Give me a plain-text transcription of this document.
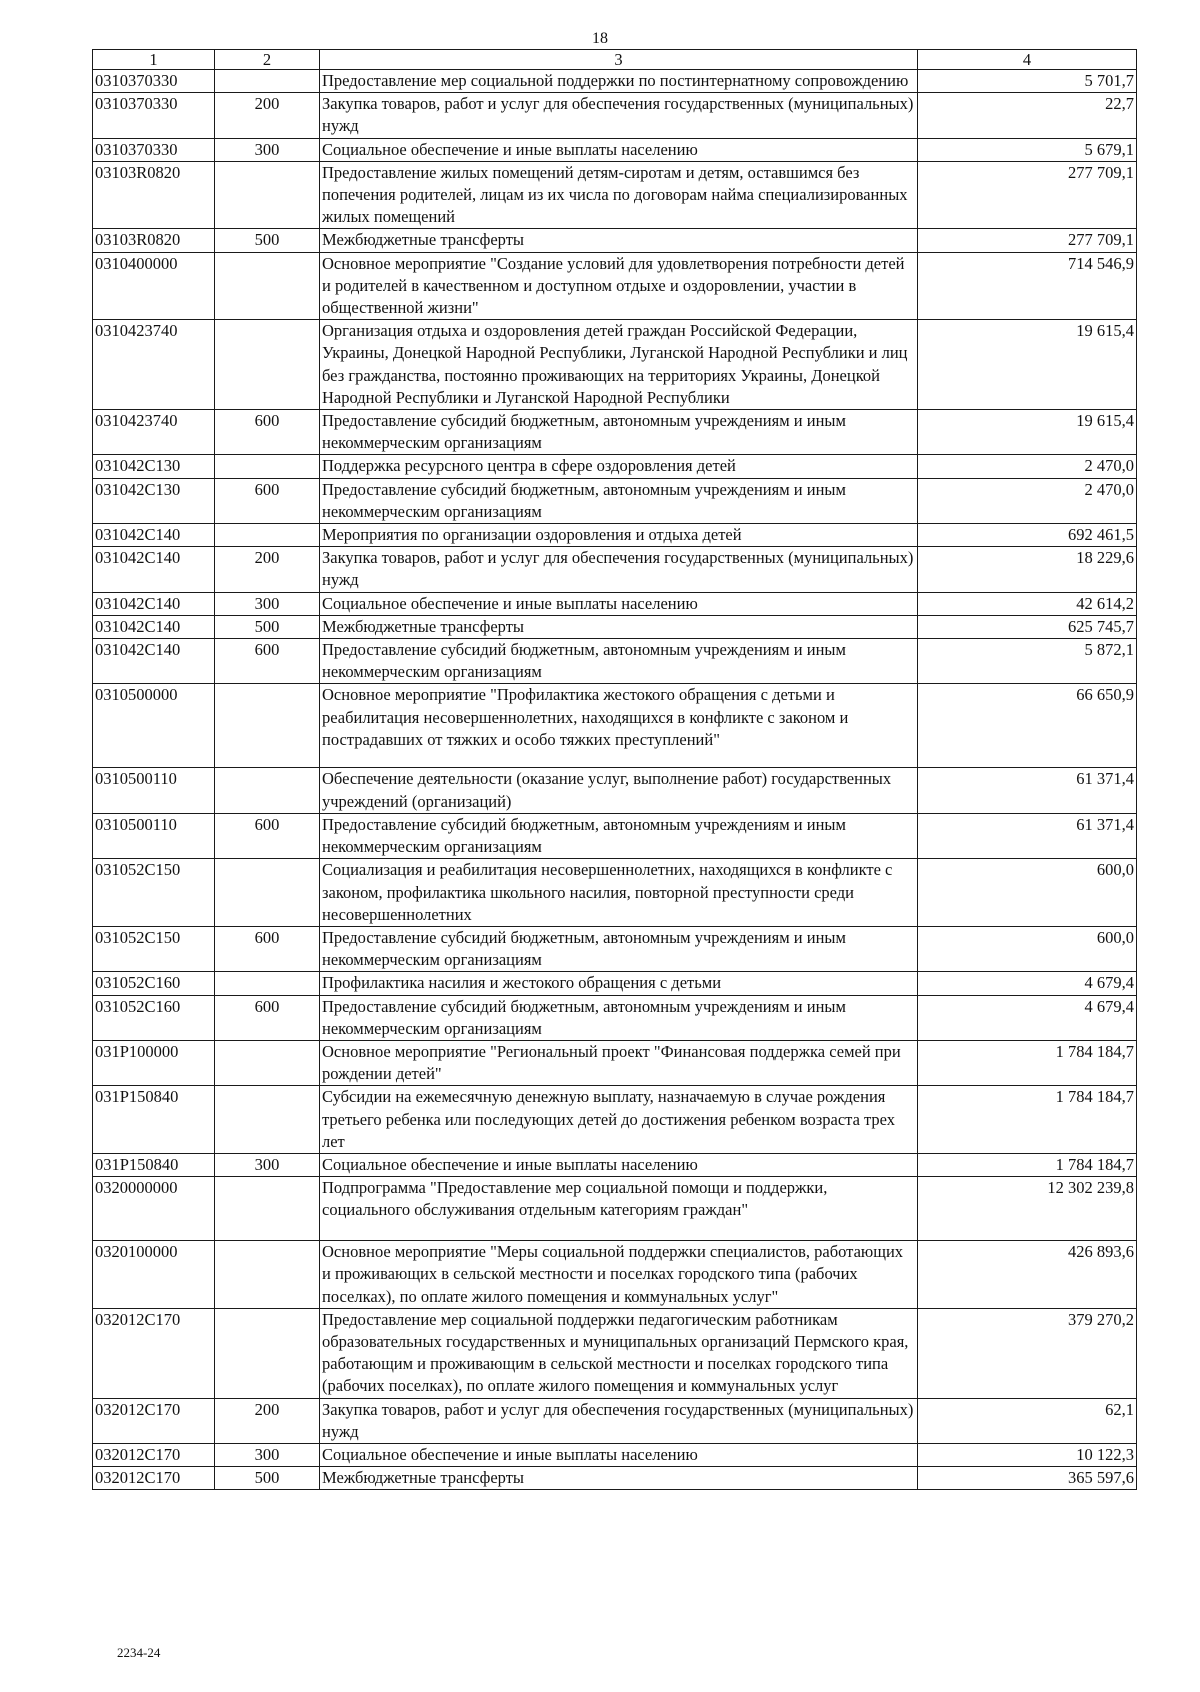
18
1	2	3	4
0310370330		Предоставление мер социальной поддержки по постинтернатному сопровождению	5 701,7
0310370330	200	Закупка товаров, работ и услуг для обеспечения государственных (муниципальных) нужд	22,7
0310370330	300	Социальное обеспечение и иные выплаты населению	5 679,1
03103R0820		Предоставление жилых помещений детям-сиротам и детям, оставшимся без попечения родителей, лицам из их числа по договорам найма специализированных жилых помещений	277 709,1
03103R0820	500	Межбюджетные трансферты	277 709,1
0310400000		Основное мероприятие "Создание условий для удовлетворения потребности детей и родителей в качественном и доступном отдыхе и оздоровлении, участии в общественной жизни"	714 546,9
0310423740		Организация отдыха и оздоровления детей граждан Российской Федерации, Украины, Донецкой Народной Республики, Луганской Народной Республики и лиц без гражданства, постоянно проживающих на территориях Украины, Донецкой Народной Республики и Луганской Народной Республики	19 615,4
0310423740	600	Предоставление субсидий бюджетным, автономным учреждениям и иным некоммерческим организациям	19 615,4
031042C130		Поддержка ресурсного центра в сфере оздоровления детей	2 470,0
031042C130	600	Предоставление субсидий бюджетным, автономным учреждениям и иным некоммерческим организациям	2 470,0
031042C140		Мероприятия по организации оздоровления и отдыха детей	692 461,5
031042C140	200	Закупка товаров, работ и услуг для обеспечения государственных (муниципальных) нужд	18 229,6
031042C140	300	Социальное обеспечение и иные выплаты населению	42 614,2
031042C140	500	Межбюджетные трансферты	625 745,7
031042C140	600	Предоставление субсидий бюджетным, автономным учреждениям и иным некоммерческим организациям	5 872,1
0310500000		Основное мероприятие "Профилактика жестокого обращения с детьми и реабилитация несовершеннолетних, находящихся в конфликте с законом и пострадавших от тяжких и особо тяжких преступлений"	66 650,9
0310500110		Обеспечение деятельности (оказание услуг, выполнение работ) государственных учреждений (организаций)	61 371,4
0310500110	600	Предоставление субсидий бюджетным, автономным учреждениям и иным некоммерческим организациям	61 371,4
031052C150		Социализация и реабилитация несовершеннолетних, находящихся в конфликте с законом, профилактика школьного насилия, повторной преступности среди несовершеннолетних	600,0
031052C150	600	Предоставление субсидий бюджетным, автономным учреждениям и иным некоммерческим организациям	600,0
031052C160		Профилактика насилия и жестокого обращения с детьми	4 679,4
031052C160	600	Предоставление субсидий бюджетным, автономным учреждениям и иным некоммерческим организациям	4 679,4
031P100000		Основное мероприятие "Региональный проект "Финансовая поддержка семей при рождении детей"	1 784 184,7
031P150840		Субсидии на ежемесячную денежную выплату, назначаемую в случае рождения третьего ребенка или последующих детей до достижения ребенком возраста трех лет	1 784 184,7
031P150840	300	Социальное обеспечение и иные выплаты населению	1 784 184,7
0320000000		Подпрограмма "Предоставление мер социальной помощи и поддержки, социального обслуживания отдельным категориям граждан"	12 302 239,8
0320100000		Основное мероприятие "Меры социальной поддержки специалистов, работающих и проживающих в сельской местности и поселках городского типа (рабочих поселках), по оплате жилого помещения и коммунальных услуг"	426 893,6
032012C170		Предоставление мер социальной поддержки педагогическим работникам образовательных государственных и муниципальных организаций Пермского края, работающим и проживающим в сельской местности и поселках городского типа (рабочих поселках), по оплате жилого помещения и коммунальных услуг	379 270,2
032012C170	200	Закупка товаров, работ и услуг для обеспечения государственных (муниципальных) нужд	62,1
032012C170	300	Социальное обеспечение и иные выплаты населению	10 122,3
032012C170	500	Межбюджетные трансферты	365 597,6
2234-24
